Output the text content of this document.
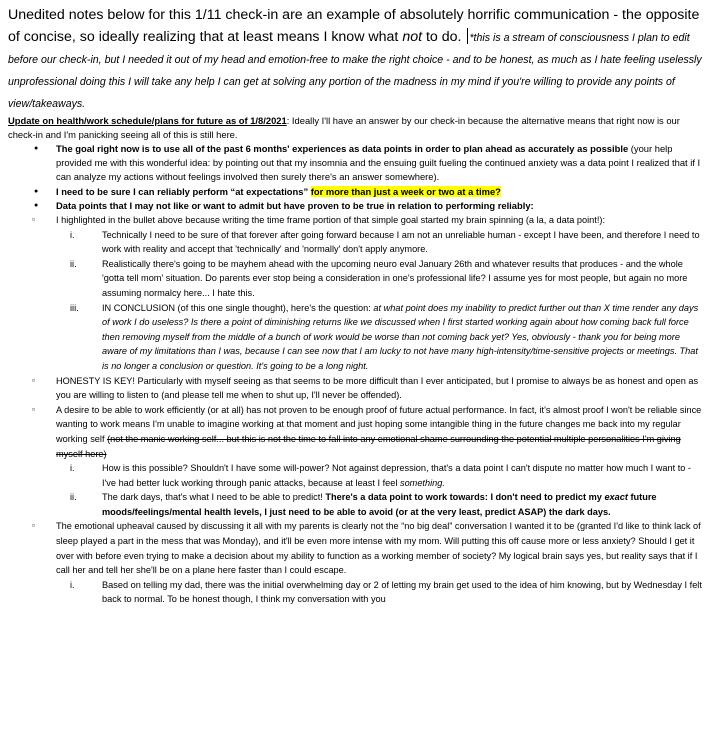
Unedited notes below for this 1/11 check-in are an example of absolutely horrific communication - the opposite of concise, so ideally realizing that at least means I know what not to do. *this is a stream of consciousness I plan to edit before our check-in, but I needed it out of my head and emotion-free to make the right choice - and to be honest, as much as I hate feeling uselessly unprofessional doing this I will take any help I can get at solving any portion of the madness in my mind if you're willing to provide any points of view/takeaways.

Update on health/work schedule/plans for future as of 1/8/2021: Ideally I'll have an answer by our check-in because the alternative means that right now is our check-in and I'm panicking seeing all of this is still here.

● The goal right now is to use all of the past 6 months' experiences as data points in order to plan ahead as accurately as possible (your help provided me with this wonderful idea: by pointing out that my insomnia and the ensuing guilt fueling the continued anxiety was a data point I realized that if I can analyze my actions without feelings involved then surely there's an answer somewhere).
● I need to be sure I can reliably perform “at expectations” for more than just a week or two at a time?
● Data points that I may not like or want to admit but have proven to be true in relation to performing reliably:
▫ I highlighted in the bullet above because writing the time frame portion of that simple goal started my brain spinning (a la, a data point!):
i.	Technically I need to be sure of that forever after going forward because I am not an unreliable human - except I have been, and therefore I need to work with reality and accept that 'technically' and 'normally' don't apply anymore.
ii.	Realistically there's going to be mayhem ahead with the upcoming neuro eval January 26th and whatever results that produces - and the whole 'gotta tell mom' situation. Do parents ever stop being a consideration in one's professional life? I assume yes for most people, but again no more assuming normalcy here... I hate this.
iii.	IN CONCLUSION (of this one single thought), here's the question: at what point does my inability to predict further out than X time render any days of work I do useless? Is there a point of diminishing returns like we discussed when I first started working again about how coming back full force then removing myself from the middle of a bunch of work would be worse than not coming back yet? Yes, obviously - thank you for being more aware of my limitations than I was, because I can see now that I am lucky to not have many high-intensity/time-sensitive projects or meetings. That is no longer a conclusion or question. It's going to be a long night.
▫ HONESTY IS KEY! Particularly with myself seeing as that seems to be more difficult than I ever anticipated, but I promise to always be as honest and open as you are willing to listen to (and please tell me when to shut up, I'll never be offended).
▫ A desire to be able to work efficiently (or at all) has not proven to be enough proof of future actual performance. In fact, it's almost proof I won't be reliable since wanting to work means I'm unable to imagine working at that moment and just hoping some intangible thing in the future changes me back into my regular working self (not the manic working self... but this is not the time to fall into any emotional shame surrounding the potential multiple personalities I'm giving myself here)
i.	How is this possible? Shouldn't I have some will-power? Not against depression, that's a data point I can't dispute no matter how much I want to - I've had better luck working through panic attacks, because at least I feel something.
ii.	The dark days, that's what I need to be able to predict! There's a data point to work towards: I don't need to predict my exact future moods/feelings/mental health levels, I just need to be able to avoid (or at the very least, predict ASAP) the dark days.
▫ The emotional upheaval caused by discussing it all with my parents is clearly not the “no big deal” conversation I wanted it to be (granted I'd like to think lack of sleep played a part in the mess that was Monday), and it'll be even more intense with my mom. Will putting this off cause more or less anxiety? Should I get it over with before even trying to make a decision about my ability to function as a working member of society? My logical brain says yes, but reality says that if I call her and tell her she'll be on a plane here faster than I could escape.
i.	Based on telling my dad, there was the initial overwhelming day or 2 of letting my brain get used to the idea of him knowing, but by Wednesday I felt back to normal. To be honest though, I think my conversation with you
